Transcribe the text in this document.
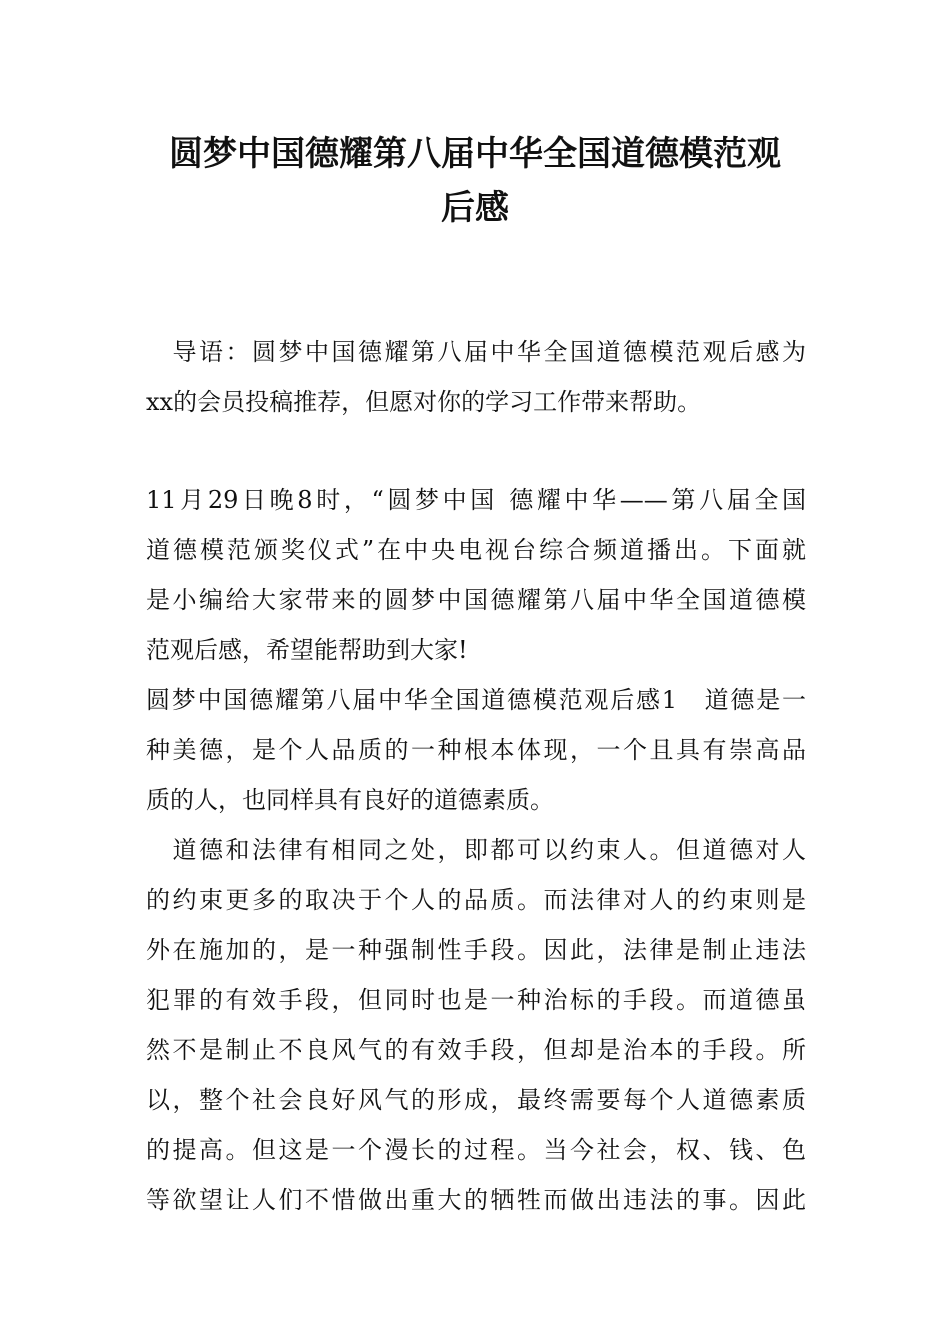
圆梦中国德耀第八届中华全国道德模范观
后感

　导语：圆梦中国德耀第八届中华全国道德模范观后感为

xx的会员投稿推荐，但愿对你的学习工作带来帮助。

11月29日晚8时，“圆梦中国 德耀中华——第八届全国

道德模范颁奖仪式”在中央电视台综合频道播出。下面就

是小编给大家带来的圆梦中国德耀第八届中华全国道德模

范观后感，希望能帮助到大家!

圆梦中国德耀第八届中华全国道德模范观后感1　道德是一

种美德，是个人品质的一种根本体现，一个且具有崇高品

质的人，也同样具有良好的道德素质。

　道德和法律有相同之处，即都可以约束人。但道德对人

的约束更多的取决于个人的品质。而法律对人的约束则是

外在施加的，是一种强制性手段。因此，法律是制止违法

犯罪的有效手段，但同时也是一种治标的手段。而道德虽

然不是制止不良风气的有效手段，但却是治本的手段。所

以，整个社会良好风气的形成，最终需要每个人道德素质

的提高。但这是一个漫长的过程。当今社会，权、钱、色

等欲望让人们不惜做出重大的牺牲而做出违法的事。因此
